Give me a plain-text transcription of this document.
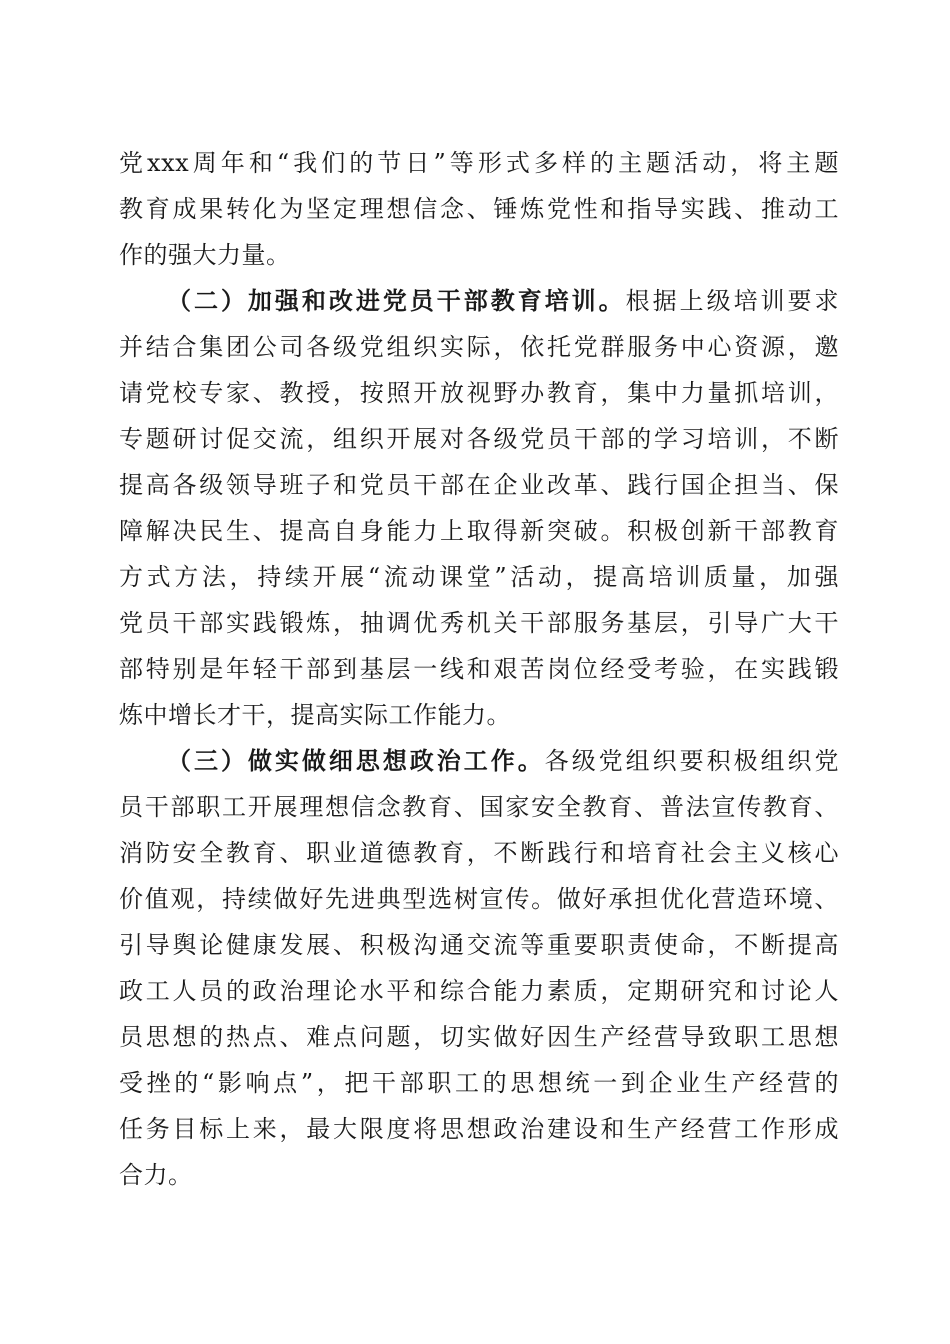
党xxx周年和“我们的节日”等形式多样的主题活动，将主题
教育成果转化为坚定理想信念、锤炼党性和指导实践、推动工
作的强大力量。
（二）加强和改进党员干部教育培训。根据上级培训要求
并结合集团公司各级党组织实际，依托党群服务中心资源，邀
请党校专家、教授，按照开放视野办教育，集中力量抓培训，
专题研讨促交流，组织开展对各级党员干部的学习培训，不断
提高各级领导班子和党员干部在企业改革、践行国企担当、保
障解决民生、提高自身能力上取得新突破。积极创新干部教育
方式方法，持续开展“流动课堂”活动，提高培训质量，加强
党员干部实践锻炼，抽调优秀机关干部服务基层，引导广大干
部特别是年轻干部到基层一线和艰苦岗位经受考验，在实践锻
炼中增长才干，提高实际工作能力。
（三）做实做细思想政治工作。各级党组织要积极组织党
员干部职工开展理想信念教育、国家安全教育、普法宣传教育、
消防安全教育、职业道德教育，不断践行和培育社会主义核心
价值观，持续做好先进典型选树宣传。做好承担优化营造环境、
引导舆论健康发展、积极沟通交流等重要职责使命，不断提高
政工人员的政治理论水平和综合能力素质，定期研究和讨论人
员思想的热点、难点问题，切实做好因生产经营导致职工思想
受挫的“影响点”，把干部职工的思想统一到企业生产经营的
任务目标上来，最大限度将思想政治建设和生产经营工作形成
合力。
